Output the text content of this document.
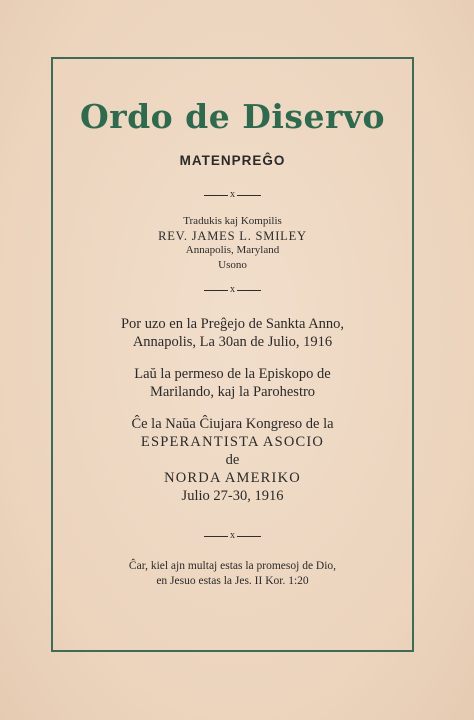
Ordo de Diservo
MATENPREĜO
x
Tradukis kaj Kompilis
REV. JAMES L. SMILEY
Annapolis, Maryland
Usono
x
Por uzo en la Preĝejo de Sankta Anno,
Annapolis, La 30an de Julio, 1916
Laŭ la permeso de la Episkopo de
Marilando, kaj la Parohestro
Ĉe la Naŭa Ĉiujara Kongreso de la
ESPERANTISTA ASOCIO
de
NORDA AMERIKO
Julio 27-30, 1916
x
Ĉar, kiel ajn multaj estas la promesoj de Dio,
en Jesuo estas la Jes. II Kor. 1:20
